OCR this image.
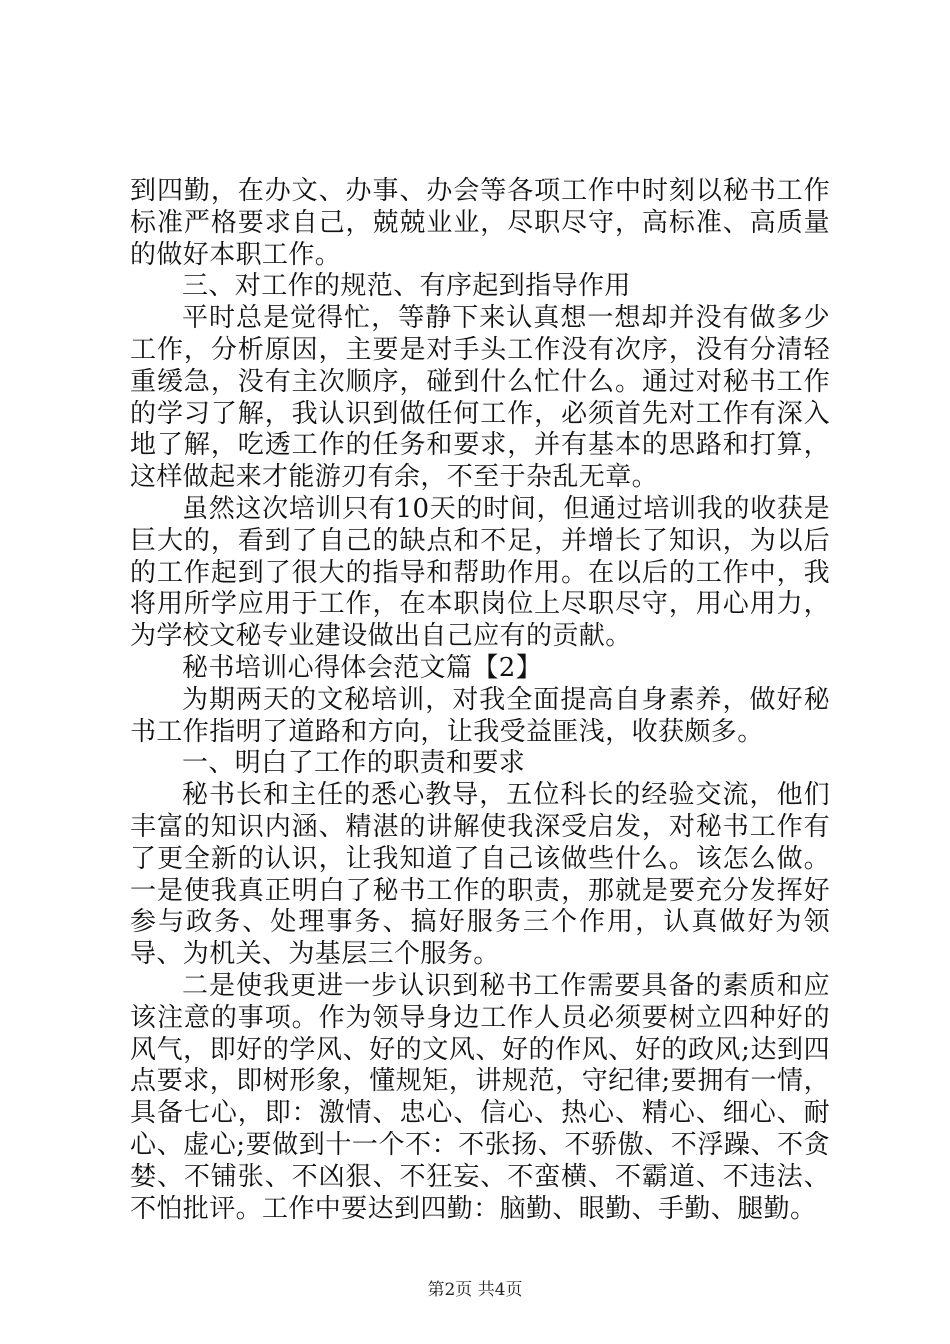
到四勤，在办文、办事、办会等各项工作中时刻以秘书工作标准严格要求自己，兢兢业业，尽职尽守，高标准、高质量的做好本职工作。

三、对工作的规范、有序起到指导作用

平时总是觉得忙，等静下来认真想一想却并没有做多少工作，分析原因，主要是对手头工作没有次序，没有分清轻重缓急，没有主次顺序，碰到什么忙什么。通过对秘书工作的学习了解，我认识到做任何工作，必须首先对工作有深入地了解，吃透工作的任务和要求，并有基本的思路和打算，这样做起来才能游刃有余，不至于杂乱无章。

虽然这次培训只有10天的时间，但通过培训我的收获是巨大的，看到了自己的缺点和不足，并增长了知识，为以后的工作起到了很大的指导和帮助作用。在以后的工作中，我将用所学应用于工作，在本职岗位上尽职尽守，用心用力，为学校文秘专业建设做出自己应有的贡献。

秘书培训心得体会范文篇【2】

为期两天的文秘培训，对我全面提高自身素养，做好秘书工作指明了道路和方向，让我受益匪浅，收获颇多。

一、明白了工作的职责和要求

秘书长和主任的悉心教导，五位科长的经验交流，他们丰富的知识内涵、精湛的讲解使我深受启发，对秘书工作有了更全新的认识，让我知道了自己该做些什么。该怎么做。一是使我真正明白了秘书工作的职责，那就是要充分发挥好参与政务、处理事务、搞好服务三个作用，认真做好为领导、为机关、为基层三个服务。

二是使我更进一步认识到秘书工作需要具备的素质和应该注意的事项。作为领导身边工作人员必须要树立四种好的风气，即好的学风、好的文风、好的作风、好的政风;达到四点要求，即树形象，懂规矩，讲规范，守纪律;要拥有一情，具备七心，即：激情、忠心、信心、热心、精心、细心、耐心、虚心;要做到十一个不：不张扬、不骄傲、不浮躁、不贪婪、不铺张、不凶狠、不狂妄、不蛮横、不霸道、不违法、不怕批评。工作中要达到四勤：脑勤、眼勤、手勤、腿勤。

第2页 共4页
